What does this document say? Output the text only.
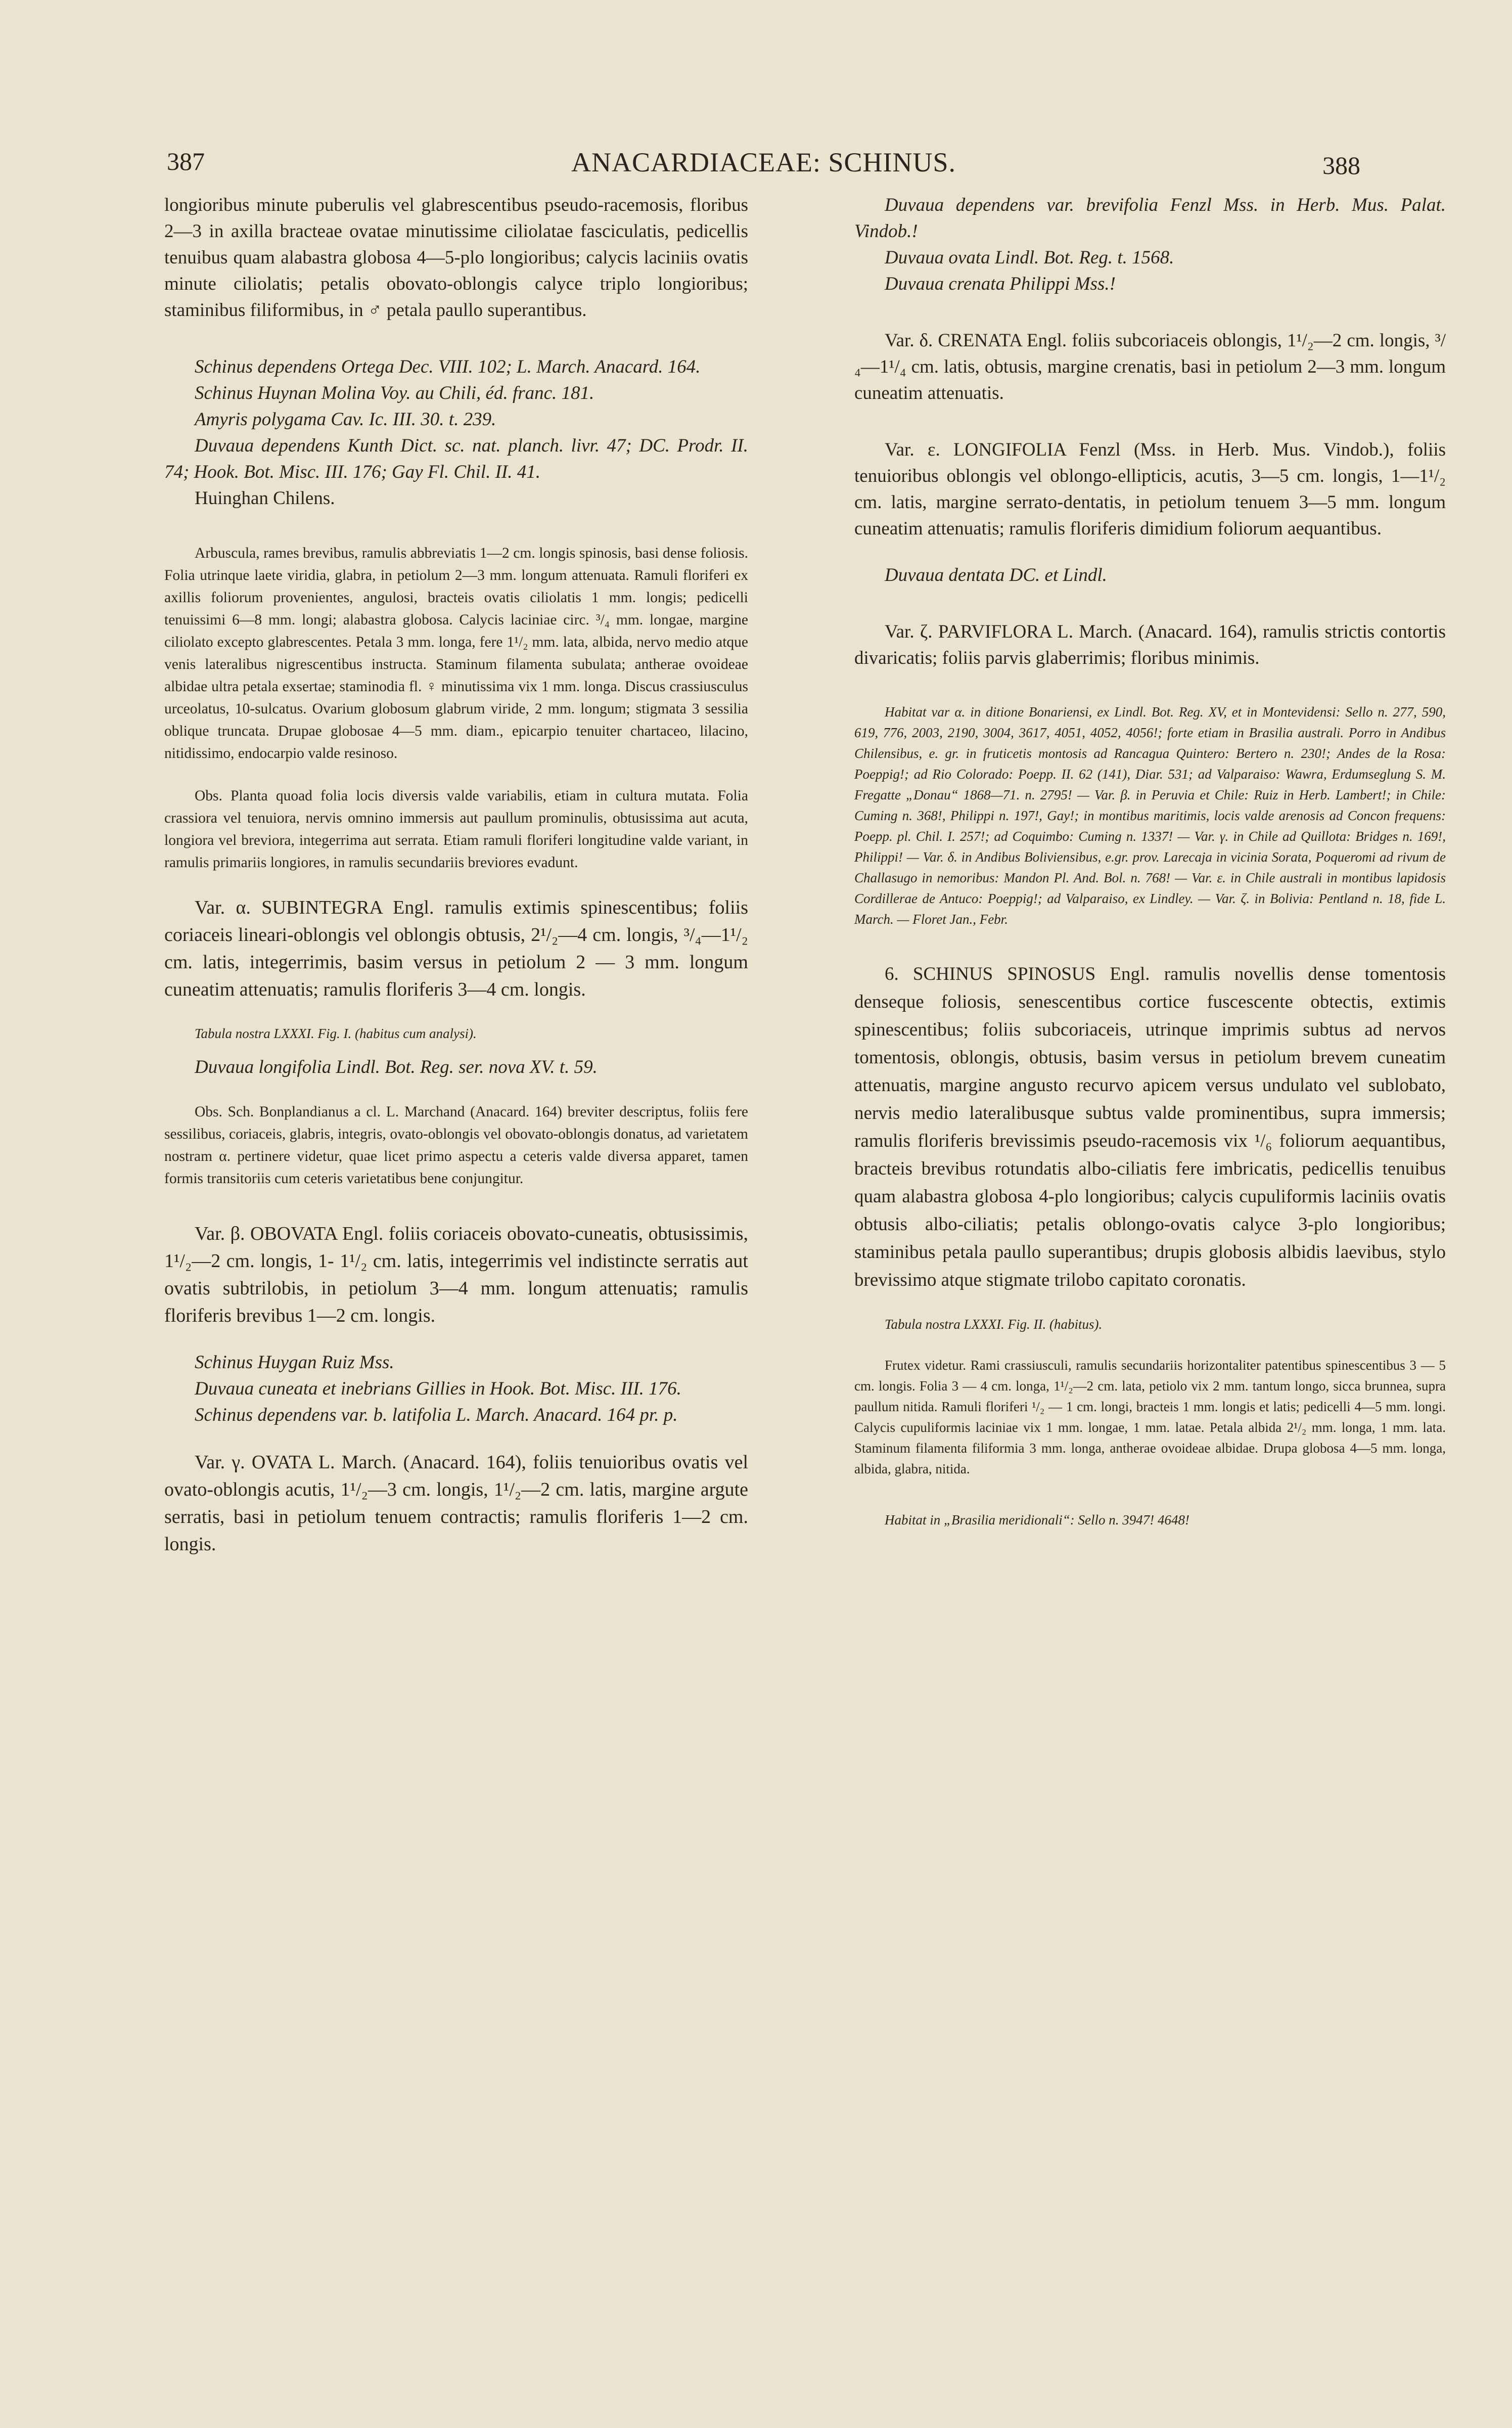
387	ANACARDIACEAE: SCHINUS.	388

longioribus minute puberulis vel glabrescentibus pseudo-racemosis, floribus 2—3 in axilla bracteae ovatae minutissime ciliolatae fasciculatis, pedicellis tenuibus quam alabastra globosa 4—5-plo longioribus; calycis laciniis ovatis minute ciliolatis; petalis obovato-oblongis calyce triplo longioribus; staminibus filiformibus, in ♂ petala paullo superantibus.

Schinus dependens Ortega Dec. VIII. 102; L. March. Anacard. 164.

Schinus Huynan Molina Voy. au Chili, éd. franc. 181.

Amyris polygama Cav. Ic. III. 30. t. 239.

Duvaua dependens Kunth Dict. sc. nat. planch. livr. 47; DC. Prodr. II. 74; Hook. Bot. Misc. III. 176; Gay Fl. Chil. II. 41.

Huinghan Chilens.

Arbuscula, rames brevibus, ramulis abbreviatis 1—2 cm. longis spinosis, basi dense foliosis. Folia utrinque laete viridia, glabra, in petiolum 2—3 mm. longum attenuata. Ramuli floriferi ex axillis foliorum provenientes, angulosi, bracteis ovatis ciliolatis 1 mm. longis; pedicelli tenuissimi 6—8 mm. longi; alabastra globosa. Calycis laciniae circ. ³/₄ mm. longae, margine ciliolato excepto glabrescentes. Petala 3 mm. longa, fere 1¹/₂ mm. lata, albida, nervo medio atque venis lateralibus nigrescentibus instructa. Staminum filamenta subulata; antherae ovoideae albidae ultra petala exsertae; staminodia fl. ♀ minutissima vix 1 mm. longa. Discus crassiusculus urceolatus, 10-sulcatus. Ovarium globosum glabrum viride, 2 mm. longum; stigmata 3 sessilia oblique truncata. Drupae globosae 4—5 mm. diam., epicarpio tenuiter chartaceo, lilacino, nitidissimo, endocarpio valde resinoso.

Obs. Planta quoad folia locis diversis valde variabilis, etiam in cultura mutata. Folia crassiora vel tenuiora, nervis omnino immersis aut paullum prominulis, obtusissima aut acuta, longiora vel breviora, integerrima aut serrata. Etiam ramuli floriferi longitudine valde variant, in ramulis primariis longiores, in ramulis secundariis breviores evadunt.

Var. α. SUBINTEGRA Engl. ramulis extimis spinescentibus; foliis coriaceis lineari-oblongis vel oblongis obtusis, 2¹/₂—4 cm. longis, ³/₄—1¹/₂ cm. latis, integerrimis, basim versus in petiolum 2 — 3 mm. longum cuneatim attenuatis; ramulis floriferis 3—4 cm. longis.

Tabula nostra LXXXI. Fig. I. (habitus cum analysi).

Duvaua longifolia Lindl. Bot. Reg. ser. nova XV. t. 59.

Obs. Sch. Bonplandianus a cl. L. Marchand (Anacard. 164) breviter descriptus, foliis fere sessilibus, coriaceis, glabris, integris, ovato-oblongis vel obovato-oblongis donatus, ad varietatem nostram α. pertinere videtur, quae licet primo aspectu a ceteris valde diversa apparet, tamen formis transitoriis cum ceteris varietatibus bene conjungitur.

Var. β. OBOVATA Engl. foliis coriaceis obovato-cuneatis, obtusissimis, 1¹/₂—2 cm. longis, 1- 1¹/₂ cm. latis, integerrimis vel indistincte serratis aut ovatis subtrilobis, in petiolum 3—4 mm. longum attenuatis; ramulis floriferis brevibus 1—2 cm. longis.

Schinus Huygan Ruiz Mss.

Duvaua cuneata et inebrians Gillies in Hook. Bot. Misc. III. 176.

Schinus dependens var. b. latifolia L. March. Anacard. 164 pr. p.

Var. γ. OVATA L. March. (Anacard. 164), foliis tenuioribus ovatis vel ovato-oblongis acutis, 1¹/₂—3 cm. longis, 1¹/₂—2 cm. latis, margine argute serratis, basi in petiolum tenuem contractis; ramulis floriferis 1—2 cm. longis.

Duvaua dependens var. brevifolia Fenzl Mss. in Herb. Mus. Palat. Vindob.!

Duvaua ovata Lindl. Bot. Reg. t. 1568.

Duvaua crenata Philippi Mss.!

Var. δ. CRENATA Engl. foliis subcoriaceis oblongis, 1¹/₂—2 cm. longis, ³/₄—1¹/₄ cm. latis, obtusis, margine crenatis, basi in petiolum 2—3 mm. longum cuneatim attenuatis.

Var. ε. LONGIFOLIA Fenzl (Mss. in Herb. Mus. Vindob.), foliis tenuioribus oblongis vel oblongo-ellipticis, acutis, 3—5 cm. longis, 1—1¹/₂ cm. latis, margine serrato-dentatis, in petiolum tenuem 3—5 mm. longum cuneatim attenuatis; ramulis floriferis dimidium foliorum aequantibus.

Duvaua dentata DC. et Lindl.

Var. ζ. PARVIFLORA L. March. (Anacard. 164), ramulis strictis contortis divaricatis; foliis parvis glaberrimis; floribus minimis.

Habitat var α. in ditione Bonariensi, ex Lindl. Bot. Reg. XV, et in Montevidensi: Sello n. 277, 590, 619, 776, 2003, 2190, 3004, 3617, 4051, 4052, 4056!; forte etiam in Brasilia australi. Porro in Andibus Chilensibus, e. gr. in fruticetis montosis ad Rancagua Quintero: Bertero n. 230!; Andes de la Rosa: Poeppig!; ad Rio Colorado: Poepp. II. 62 (141), Diar. 531; ad Valparaiso: Wawra, Erdumseglung S. M. Fregatte „Donau“ 1868—71. n. 2795! — Var. β. in Peruvia et Chile: Ruiz in Herb. Lambert!; in Chile: Cuming n. 368!, Philippi n. 197!, Gay!; in montibus maritimis, locis valde arenosis ad Concon frequens: Poepp. pl. Chil. I. 257!; ad Coquimbo: Cuming n. 1337! — Var. γ. in Chile ad Quillota: Bridges n. 169!, Philippi! — Var. δ. in Andibus Boliviensibus, e.gr. prov. Larecaja in vicinia Sorata, Poqueromi ad rivum de Challasugo in nemoribus: Mandon Pl. And. Bol. n. 768! — Var. ε. in Chile australi in montibus lapidosis Cordillerae de Antuco: Poeppig!; ad Valparaiso, ex Lindley. — Var. ζ. in Bolivia: Pentland n. 18, fide L. March. — Floret Jan., Febr.

6. SCHINUS SPINOSUS Engl. ramulis novellis dense tomentosis denseque foliosis, senescentibus cortice fuscescente obtectis, extimis spinescentibus; foliis subcoriaceis, utrinque imprimis subtus ad nervos tomentosis, oblongis, obtusis, basim versus in petiolum brevem cuneatim attenuatis, margine angusto recurvo apicem versus undulato vel sublobato, nervis medio lateralibusque subtus valde prominentibus, supra immersis; ramulis floriferis brevissimis pseudo-racemosis vix ¹/₆ foliorum aequantibus, bracteis brevibus rotundatis albo-ciliatis fere imbricatis, pedicellis tenuibus quam alabastra globosa 4-plo longioribus; calycis cupuliformis laciniis ovatis obtusis albo-ciliatis; petalis oblongo-ovatis calyce 3-plo longioribus; staminibus petala paullo superantibus; drupis globosis albidis laevibus, stylo brevissimo atque stigmate trilobo capitato coronatis.

Tabula nostra LXXXI. Fig. II. (habitus).

Frutex videtur. Rami crassiusculi, ramulis secundariis horizontaliter patentibus spinescentibus 3 — 5 cm. longis. Folia 3 — 4 cm. longa, 1¹/₂—2 cm. lata, petiolo vix 2 mm. tantum longo, sicca brunnea, supra paullum nitida. Ramuli floriferi ¹/₂ — 1 cm. longi, bracteis 1 mm. longis et latis; pedicelli 4—5 mm. longi. Calycis cupuliformis laciniae vix 1 mm. longae, 1 mm. latae. Petala albida 2¹/₂ mm. longa, 1 mm. lata. Staminum filamenta filiformia 3 mm. longa, antherae ovoideae albidae. Drupa globosa 4—5 mm. longa, albida, glabra, nitida.

Habitat in „Brasilia meridionali“: Sello n. 3947! 4648!
